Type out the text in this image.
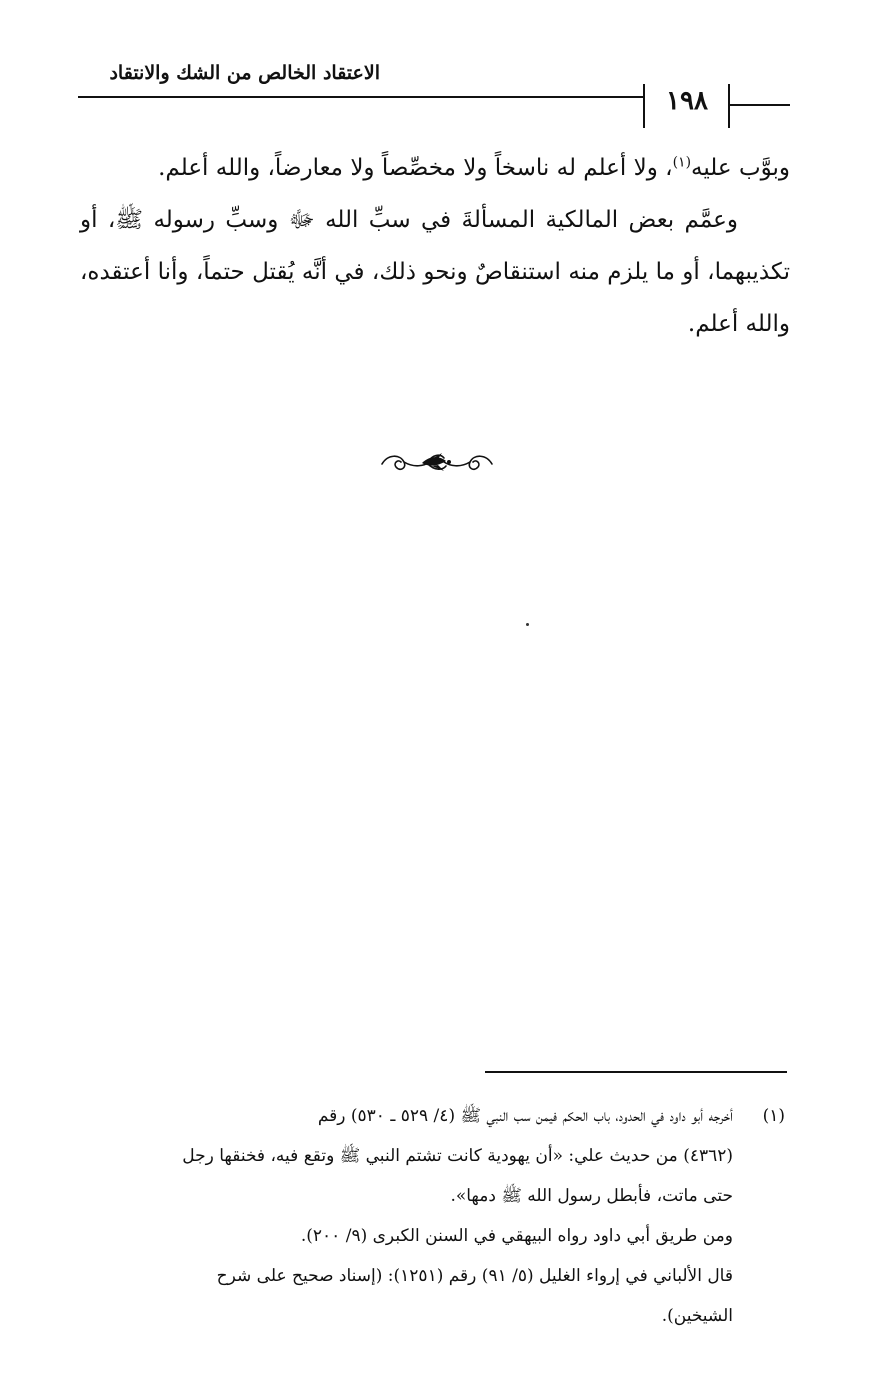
الاعتقاد الخالص من الشك والانتقاد
١٩٨

وبوَّب عليه$^{(١)}$، ولا أعلم له ناسخاً ولا مخصِّصاً ولا معارضاً، والله أعلم.

وعمَّم بعض المالكية المسألةَ في سبِّ الله ﷻ وسبِّ رسوله ﷺ، أو تكذيبهما، أو ما يلزم منه استنقاصٌ ونحو ذلك، في أنَّه يُقتل حتماً، وأنا أعتقده، والله أعلم.

(١)
أخرجه أبو داود في الحدود، باب الحكم فيمن سب النبي ﷺ (٤/ ٥٢٩ ـ ٥٣٠) رقم
(٤٣٦٢) من حديث علي: «أن يهودية كانت تشتم النبي ﷺ وتقع فيه، فخنقها رجل
حتى ماتت، فأبطل رسول الله ﷺ دمها».
ومن طريق أبي داود رواه البيهقي في السنن الكبرى (٩/ ٢٠٠).
قال الألباني في إرواء الغليل (٥/ ٩١) رقم (١٢٥١): (إسناد صحيح على شرح
الشيخين).
